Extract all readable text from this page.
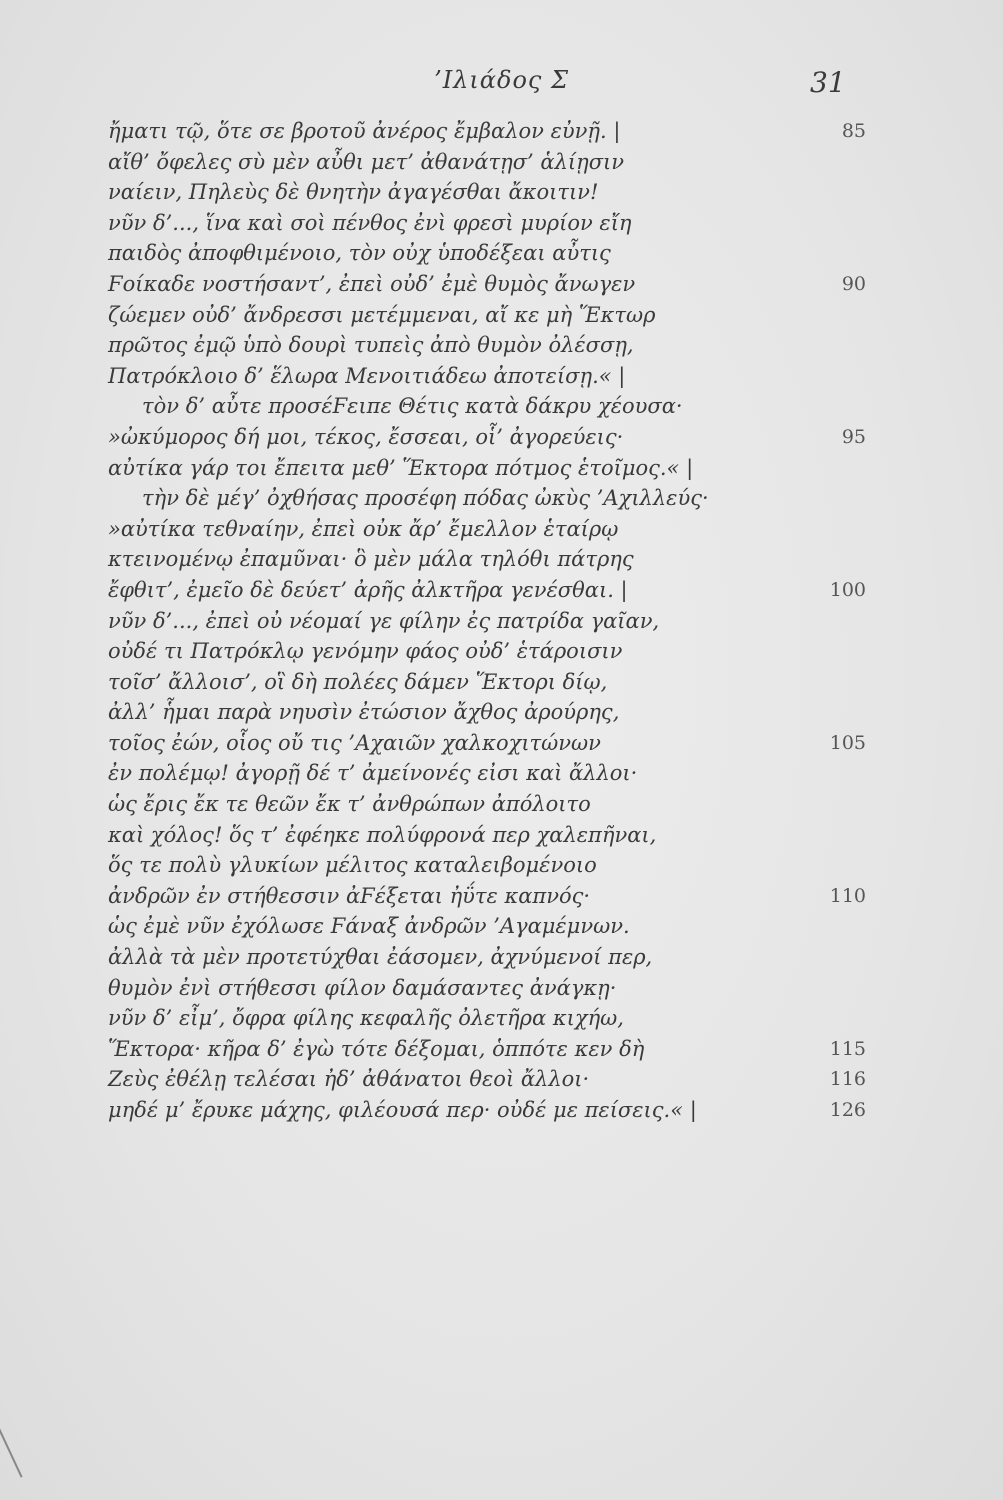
’Ιλιάδος Σ	31
ἤματι τῷ, ὅτε σε βροτοῦ ἀνέρος ἔμβαλον εὐνῇ. |	85
αἴθ’ ὄφελες σὺ μὲν αὖθι μετ’ ἀθανάτῃσ’ ἁλίῃσιν
ναίειν, Πηλεὺς δὲ θνητὴν ἀγαγέσθαι ἄκοιτιν!
νῦν δ’..., ἵνα καὶ σοὶ πένθος ἐνὶ φρεσὶ μυρίον εἴη
παιδὸς ἀποφθιμένοιο, τὸν οὐχ ὑποδέξεαι αὖτις
Ϝοίκαδε νοστήσαντ’, ἐπεὶ οὐδ’ ἐμὲ θυμὸς ἄνωγεν	90
ζώεμεν οὐδ’ ἄνδρεσσι μετέμμεναι, αἴ κε μὴ Ἕκτωρ
πρῶτος ἐμῷ ὑπὸ δουρὶ τυπεὶς ἀπὸ θυμὸν ὀλέσσῃ,
Πατρόκλοιο δ’ ἕλωρα Μενοιτιάδεω ἀποτείσῃ.« |
τὸν δ’ αὖτε προσέϜειπε Θέτις κατὰ δάκρυ χέουσα·
»ὠκύμορος δή μοι, τέκος, ἔσσεαι, οἷ’ ἀγορεύεις·	95
αὐτίκα γάρ τοι ἔπειτα μεθ’ Ἕκτορα πότμος ἑτοῖμος.« |
τὴν δὲ μέγ’ ὀχθήσας προσέφη πόδας ὠκὺς ’Αχιλλεύς·
»αὐτίκα τεθναίην, ἐπεὶ οὐκ ἄρ’ ἔμελλον ἑταίρῳ
κτεινομένῳ ἐπαμῦναι· ὃ μὲν μάλα τηλόθι πάτρης
ἔφθιτ’, ἐμεῖο δὲ δεύετ’ ἀρῆς ἀλκτῆρα γενέσθαι. |	100
νῦν δ’..., ἐπεὶ οὐ νέομαί γε φίλην ἐς πατρίδα γαῖαν,
οὐδέ τι Πατρόκλῳ γενόμην φάος οὐδ’ ἑτάροισιν
τοῖσ’ ἄλλοισ’, οἳ δὴ πολέες δάμεν Ἕκτορι δίῳ,
ἀλλ’ ἧμαι παρὰ νηυσὶν ἐτώσιον ἄχθος ἀρούρης,
τοῖος ἐών, οἷος οὔ τις ’Αχαιῶν χαλκοχιτώνων	105
ἐν πολέμῳ! ἀγορῇ δέ τ’ ἀμείνονές εἰσι καὶ ἄλλοι·
ὡς ἔρις ἔκ τε θεῶν ἔκ τ’ ἀνθρώπων ἀπόλοιτο
καὶ χόλος! ὅς τ’ ἐφέηκε πολύφρονά περ χαλεπῆναι,
ὅς τε πολὺ γλυκίων μέλιτος καταλειβομένοιο
ἀνδρῶν ἐν στήθεσσιν ἀϜέξεται ἠΰτε καπνός·	110
ὡς ἐμὲ νῦν ἐχόλωσε Ϝάναξ ἀνδρῶν ’Αγαμέμνων.
ἀλλὰ τὰ μὲν προτετύχθαι ἐάσομεν, ἀχνύμενοί περ,
θυμὸν ἐνὶ στήθεσσι φίλον δαμάσαντες ἀνάγκῃ·
νῦν δ’ εἶμ’, ὄφρα φίλης κεφαλῆς ὀλετῆρα κιχήω,
Ἕκτορα· κῆρα δ’ ἐγὼ τότε δέξομαι, ὁππότε κεν δὴ	115
Ζεὺς ἐθέλῃ τελέσαι ἠδ’ ἀθάνατοι θεοὶ ἄλλοι·	116
μηδέ μ’ ἔρυκε μάχης, φιλέουσά περ· οὐδέ με πείσεις.« |	126
